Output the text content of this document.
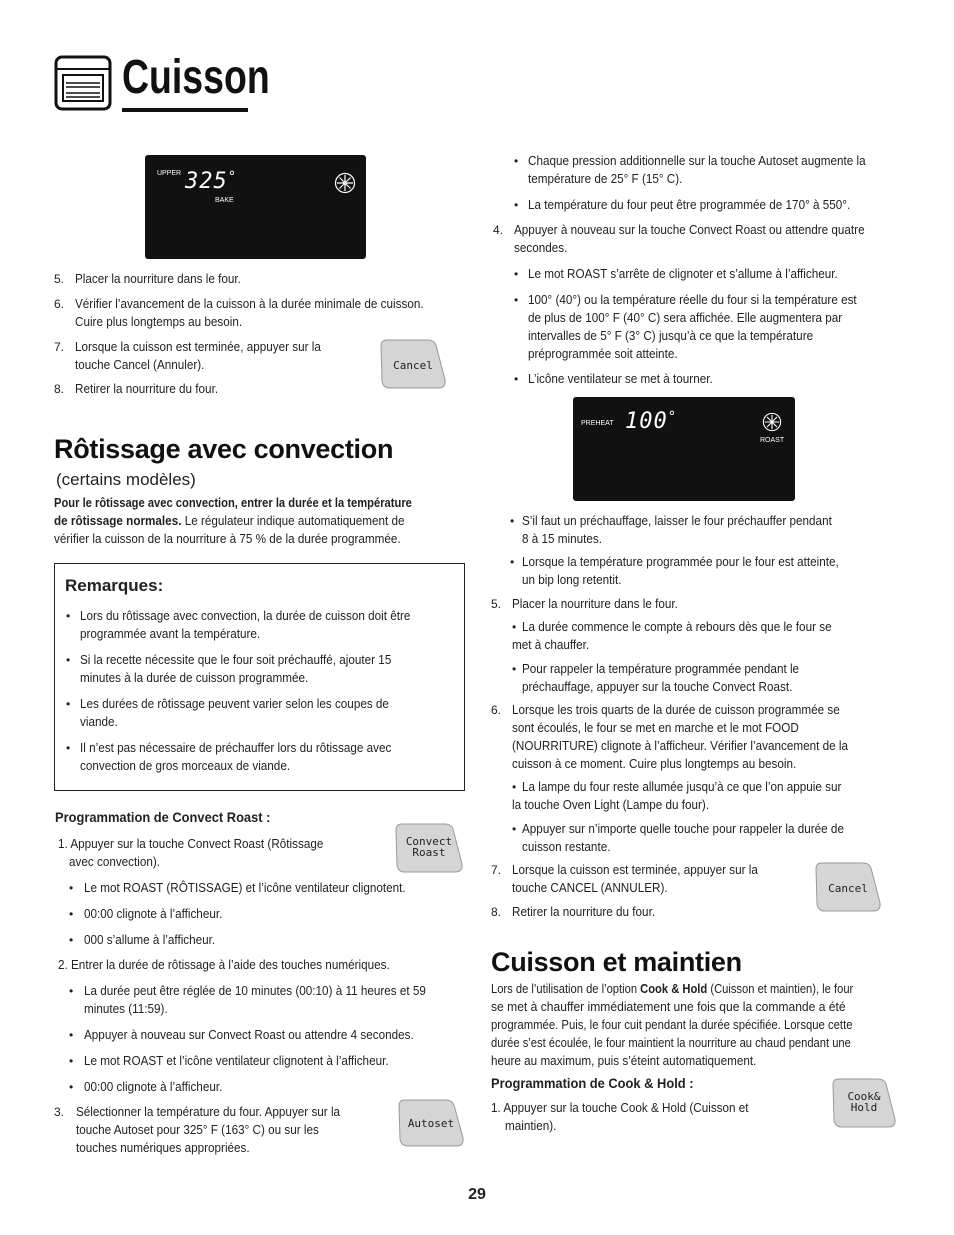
Cuisson
UPPER 325°
BAKE
5. Placer la nourriture dans le four.
6. Vérifier l’avancement de la cuisson à la durée minimale de cuisson.
Cuire plus longtemps au besoin.
7. Lorsque la cuisson est terminée, appuyer sur la
touche Cancel (Annuler).
8. Retirer la nourriture du four.
Cancel
Rôtissage avec convection
(certains modèles)
Pour le rôtissage avec convection, entrer la durée et la température
de rôtissage normales. Le régulateur indique automatiquement de
vérifier la cuisson de la nourriture à 75 % de la durée programmée.
Remarques:
• Lors du rôtissage avec convection, la durée de cuisson doit être
programmée avant la température.
• Si la recette nécessite que le four soit préchauffé, ajouter 15
minutes à la durée de cuisson programmée.
• Les durées de rôtissage peuvent varier selon les coupes de
viande.
• Il n’est pas nécessaire de préchauffer lors du rôtissage avec
convection de gros morceaux de viande.
Programmation de Convect Roast :
Convect
Roast
1. Appuyer sur la touche Convect Roast (Rôtissage
avec convection).
• Le mot ROAST (RÔTISSAGE) et l’icône ventilateur clignotent.
• 00:00 clignote à l’afficheur.
• 000 s’allume à l’afficheur.
2. Entrer la durée de rôtissage à l’aide des touches numériques.
• La durée peut être réglée de 10 minutes (00:10) à 11 heures et 59
minutes (11:59).
• Appuyer à nouveau sur Convect Roast ou attendre 4 secondes.
• Le mot ROAST et l’icône ventilateur clignotent à l’afficheur.
• 00:00 clignote à l’afficheur.
3. Sélectionner la température du four. Appuyer sur la
touche Autoset pour 325° F (163° C) ou sur les
touches numériques appropriées.
Autoset
• Chaque pression additionnelle sur la touche Autoset augmente la
température de 25° F (15° C).
• La température du four peut être programmée de 170° à 550°.
4. Appuyer à nouveau sur la touche Convect Roast ou attendre quatre
secondes.
• Le mot ROAST s’arrête de clignoter et s’allume à l’afficheur.
• 100° (40°) ou la température réelle du four si la température est
de plus de 100° F (40° C) sera affichée. Elle augmentera par
intervalles de 5° F (3° C) jusqu’à ce que la température
préprogrammée soit atteinte.
• L’icône ventilateur se met à tourner.
PREHEAT 100°
ROAST
• S’il faut un préchauffage, laisser le four préchauffer pendant
8 à 15 minutes.
• Lorsque la température programmée pour le four est atteinte,
un bip long retentit.
5. Placer la nourriture dans le four.
• La durée commence le compte à rebours dès que le four se
met à chauffer.
• Pour rappeler la température programmée pendant le
préchauffage, appuyer sur la touche Convect Roast.
6. Lorsque les trois quarts de la durée de cuisson programmée se
sont écoulés, le four se met en marche et le mot FOOD
(NOURRITURE) clignote à l’afficheur. Vérifier l’avancement de la
cuisson à ce moment. Cuire plus longtemps au besoin.
• La lampe du four reste allumée jusqu’à ce que l’on appuie sur
la touche Oven Light (Lampe du four).
• Appuyer sur n’importe quelle touche pour rappeler la durée de
cuisson restante.
7. Lorsque la cuisson est terminée, appuyer sur la
touche CANCEL (ANNULER).	Cancel
8. Retirer la nourriture du four.
Cuisson et maintien
Lors de l’utilisation de l’option Cook & Hold (Cuisson et maintien), le four
se met à chauffer immédiatement une fois que la commande a été
programmée. Puis, le four cuit pendant la durée spécifiée. Lorsque cette
durée s’est écoulée, le four maintient la nourriture au chaud pendant une
heure au maximum, puis s’éteint automatiquement.
Programmation de Cook & Hold :
Cook&
Hold
1. Appuyer sur la touche Cook & Hold (Cuisson et
maintien).
29
